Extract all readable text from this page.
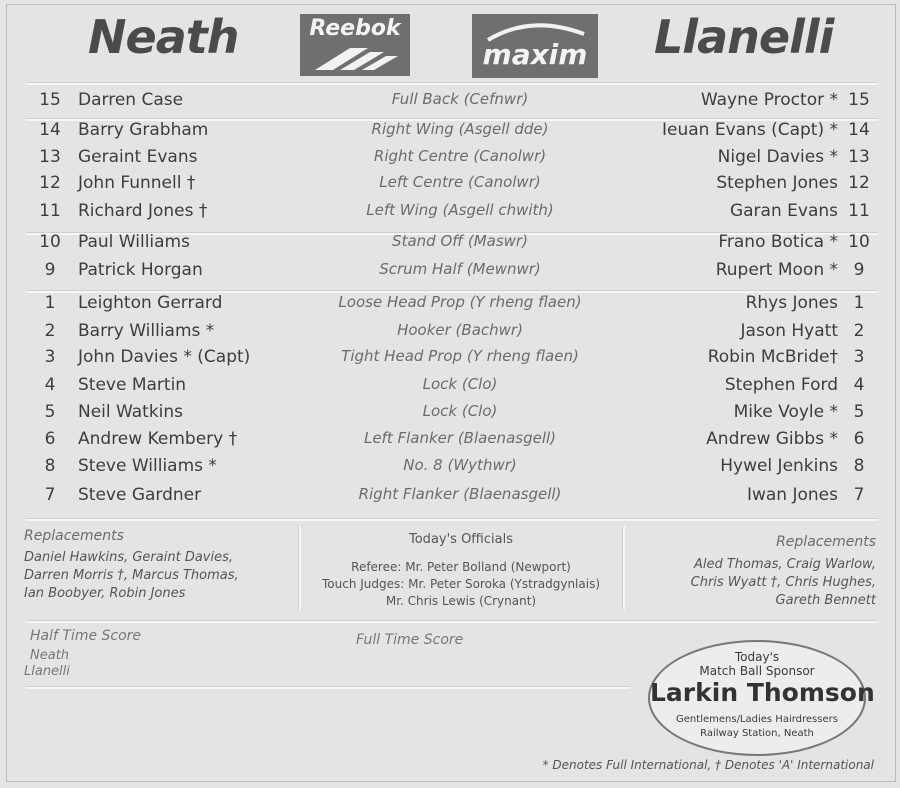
Neath	Llanelli
Reebok
maxim
15	Darren Case	Full Back (Cefnwr)	Wayne Proctor * 15
14	Barry Grabham	Right Wing (Asgell dde)	Ieuan Evans (Capt) * 14
13	Geraint Evans	Right Centre (Canolwr)	Nigel Davies * 13
12	John Funnell †	Left Centre (Canolwr)	Stephen Jones 12
11	Richard Jones †	Left Wing (Asgell chwith)	Garan Evans 11
10	Paul Williams	Stand Off (Maswr)	Frano Botica * 10
9	Patrick Horgan	Scrum Half (Mewnwr)	Rupert Moon * 9
1	Leighton Gerrard	Loose Head Prop (Y rheng flaen)	Rhys Jones 1
2	Barry Williams *	Hooker (Bachwr)	Jason Hyatt 2
3	John Davies * (Capt)	Tight Head Prop (Y rheng flaen)	Robin McBride† 3
4	Steve Martin	Lock (Clo)	Stephen Ford 4
5	Neil Watkins	Lock (Clo)	Mike Voyle * 5
6	Andrew Kembery †	Left Flanker (Blaenasgell)	Andrew Gibbs * 6
8	Steve Williams *	No. 8 (Wythwr)	Hywel Jenkins 8
7	Steve Gardner	Right Flanker (Blaenasgell)	Iwan Jones 7
Replacements
Daniel Hawkins, Geraint Davies,
Darren Morris †, Marcus Thomas,
Ian Boobyer, Robin Jones
Today's Officials
Referee: Mr. Peter Bolland (Newport)
Touch Judges: Mr. Peter Soroka (Ystradgynlais)
Mr. Chris Lewis (Crynant)
Replacements
Aled Thomas, Craig Warlow,
Chris Wyatt †, Chris Hughes,
Gareth Bennett
Half Time Score
Neath
Llanelli
Full Time Score
Today's
Match Ball Sponsor
Larkin Thomson
Gentlemens/Ladies Hairdressers
Railway Station, Neath
* Denotes Full International, † Denotes 'A' International
